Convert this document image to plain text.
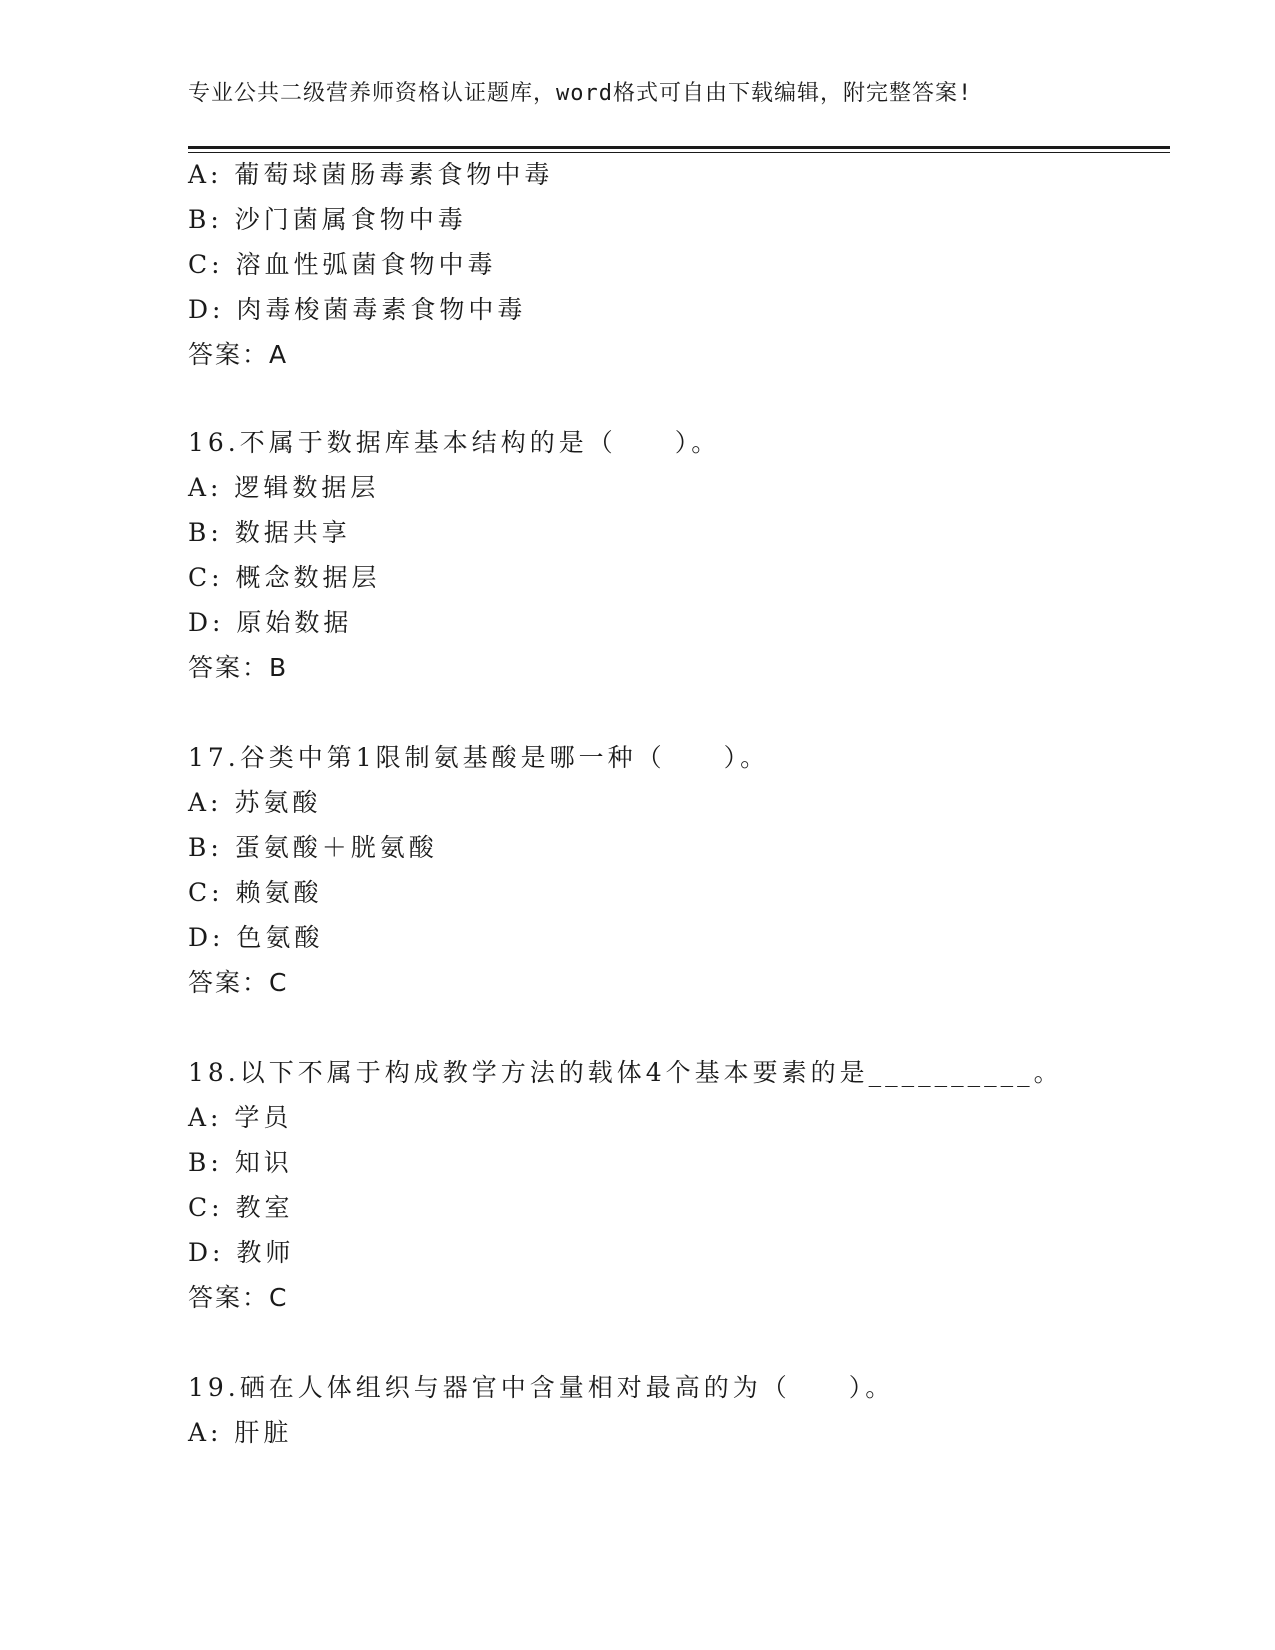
专业公共二级营养师资格认证题库，word格式可自由下载编辑，附完整答案!
A: 葡萄球菌肠毒素食物中毒
B: 沙门菌属食物中毒
C: 溶血性弧菌食物中毒
D: 肉毒梭菌毒素食物中毒
答案：A
16.不属于数据库基本结构的是（　　）。
A: 逻辑数据层
B: 数据共享
C: 概念数据层
D: 原始数据
答案：B
17.谷类中第1限制氨基酸是哪一种（　　）。
A: 苏氨酸
B: 蛋氨酸＋胱氨酸
C: 赖氨酸
D: 色氨酸
答案：C
18.以下不属于构成教学方法的载体4个基本要素的是__________。
A: 学员
B: 知识
C: 教室
D: 教师
答案：C
19.硒在人体组织与器官中含量相对最高的为（　　）。
A: 肝脏
